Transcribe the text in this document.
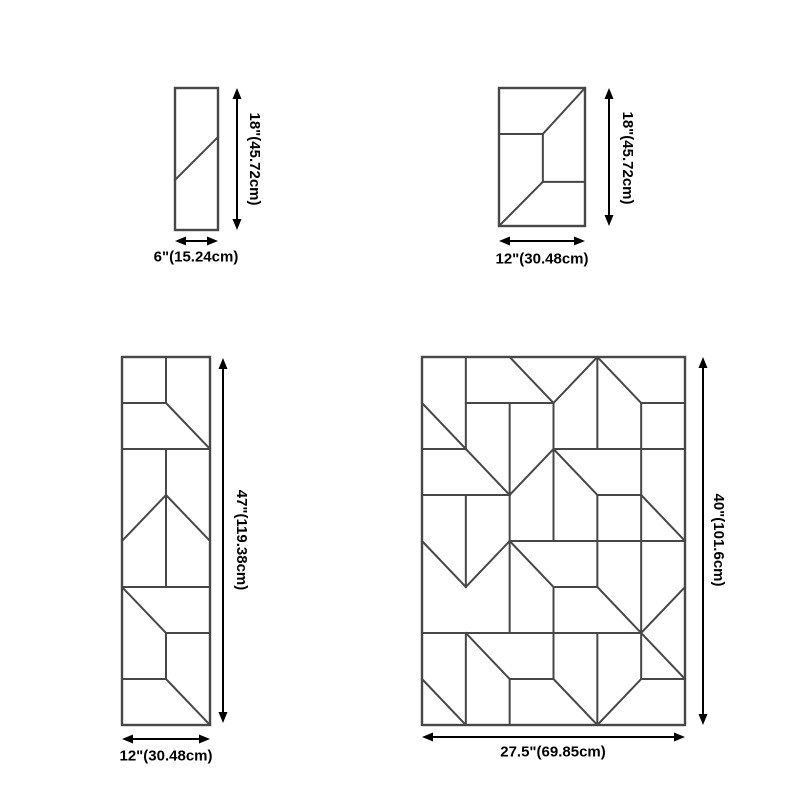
18"(45.72cm)
6"(15.24cm)
18"(45.72cm)
12"(30.48cm)
47"(119.38cm)
12"(30.48cm)
40"(101.6cm)
27.5"(69.85cm)
